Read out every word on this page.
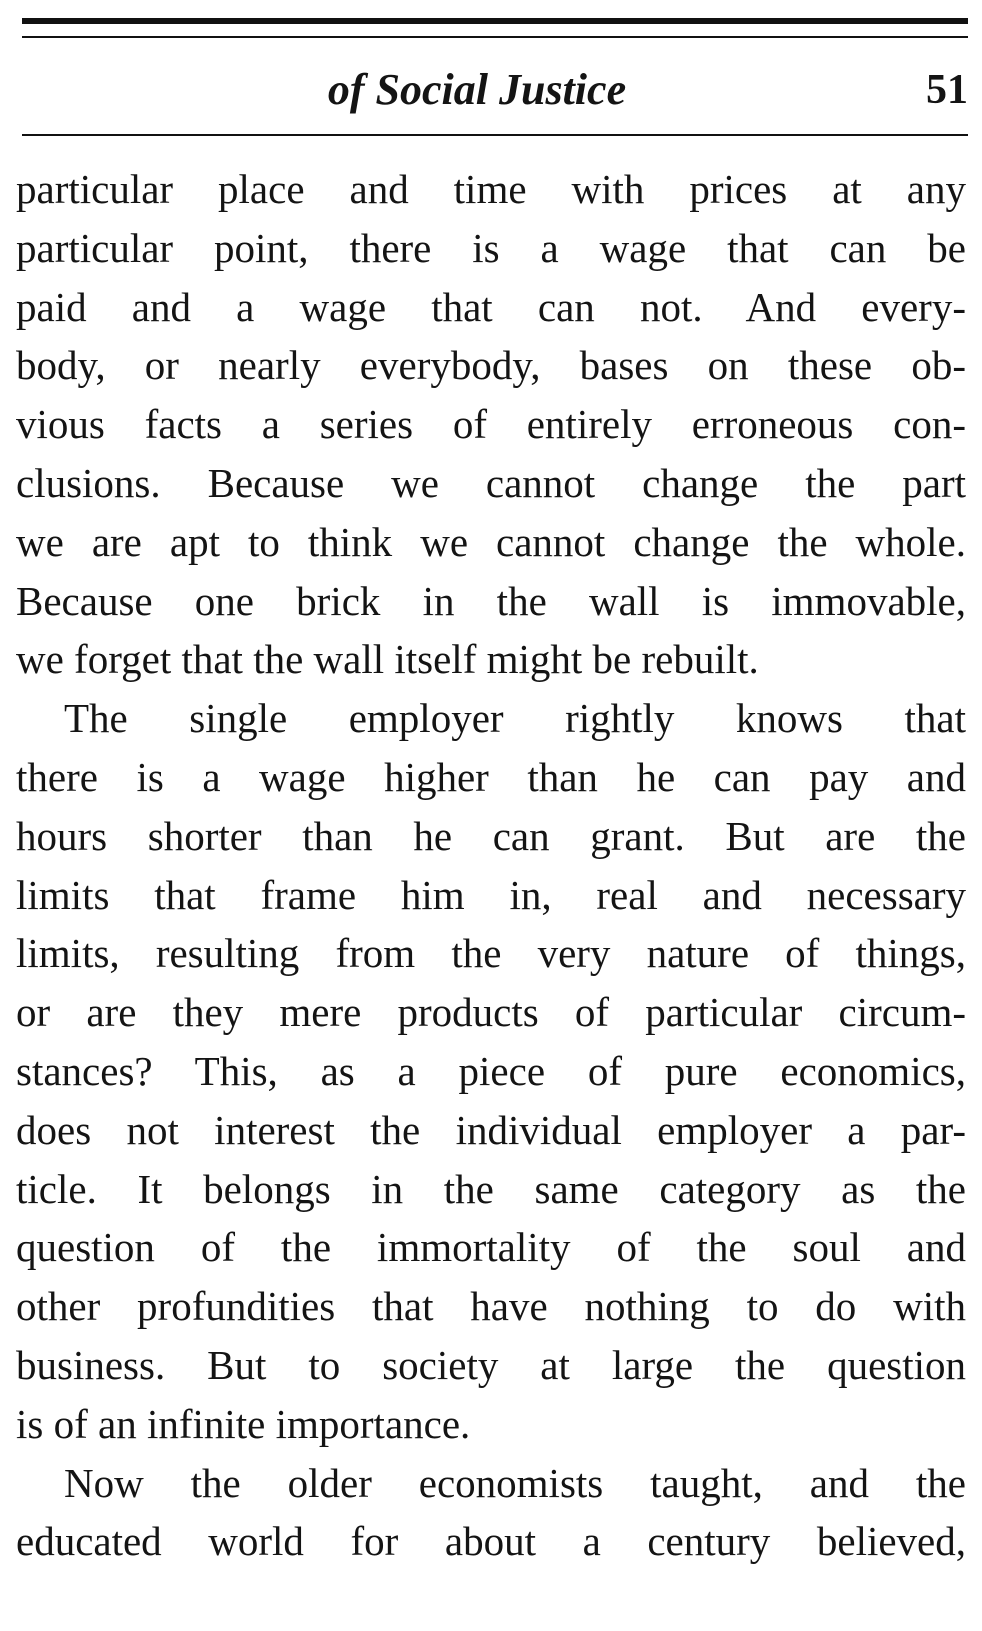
of Social Justice	51
particular place and time with prices at any
particular point, there is a wage that can be
paid and a wage that can not. And every-
body, or nearly everybody, bases on these ob-
vious facts a series of entirely erroneous con-
clusions. Because we cannot change the part
we are apt to think we cannot change the whole.
Because one brick in the wall is immovable,
we forget that the wall itself might be rebuilt.
The single employer rightly knows that
there is a wage higher than he can pay and
hours shorter than he can grant. But are the
limits that frame him in, real and necessary
limits, resulting from the very nature of things,
or are they mere products of particular circum-
stances? This, as a piece of pure economics,
does not interest the individual employer a par-
ticle. It belongs in the same category as the
question of the immortality of the soul and
other profundities that have nothing to do with
business. But to society at large the question
is of an infinite importance.
Now the older economists taught, and the
educated world for about a century believed,
